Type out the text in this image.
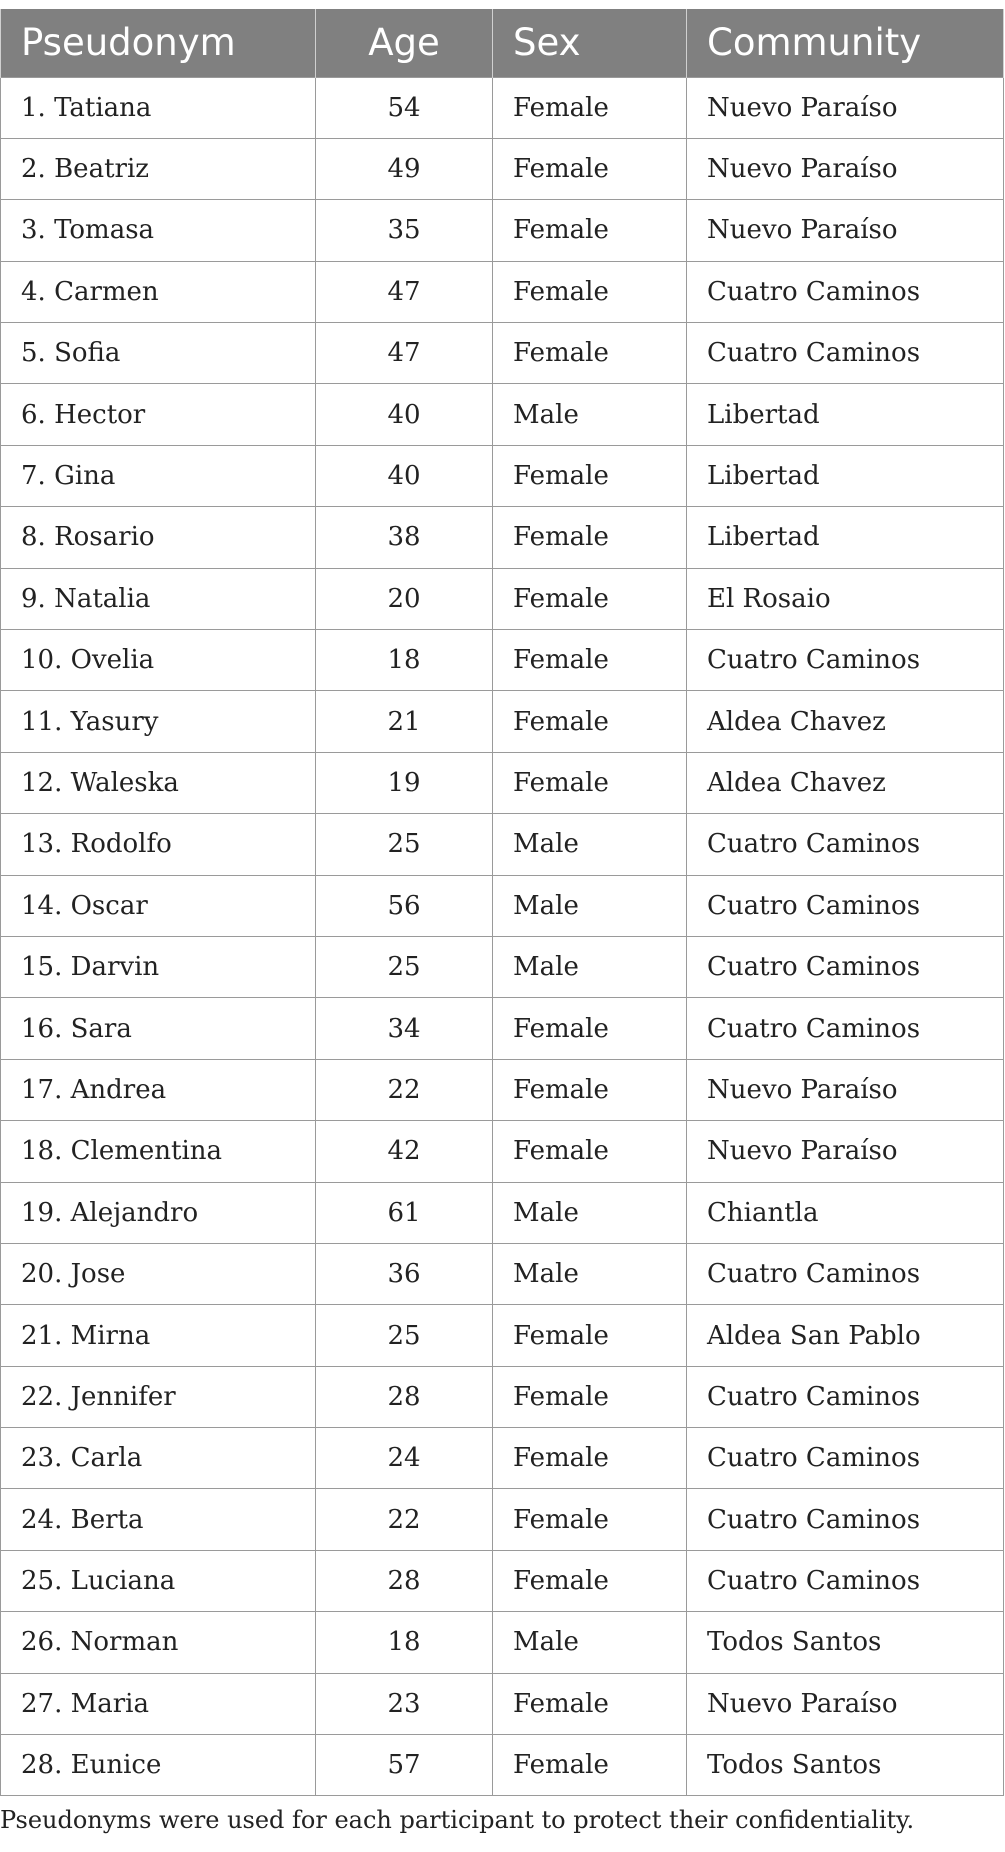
Pseudonym	Age	Sex	Community
1. Tatiana	54	Female	Nuevo Paraíso
2. Beatriz	49	Female	Nuevo Paraíso
3. Tomasa	35	Female	Nuevo Paraíso
4. Carmen	47	Female	Cuatro Caminos
5. Sofia	47	Female	Cuatro Caminos
6. Hector	40	Male	Libertad
7. Gina	40	Female	Libertad
8. Rosario	38	Female	Libertad
9. Natalia	20	Female	El Rosaio
10. Ovelia	18	Female	Cuatro Caminos
11. Yasury	21	Female	Aldea Chavez
12. Waleska	19	Female	Aldea Chavez
13. Rodolfo	25	Male	Cuatro Caminos
14. Oscar	56	Male	Cuatro Caminos
15. Darvin	25	Male	Cuatro Caminos
16. Sara	34	Female	Cuatro Caminos
17. Andrea	22	Female	Nuevo Paraíso
18. Clementina	42	Female	Nuevo Paraíso
19. Alejandro	61	Male	Chiantla
20. Jose	36	Male	Cuatro Caminos
21. Mirna	25	Female	Aldea San Pablo
22. Jennifer	28	Female	Cuatro Caminos
23. Carla	24	Female	Cuatro Caminos
24. Berta	22	Female	Cuatro Caminos
25. Luciana	28	Female	Cuatro Caminos
26. Norman	18	Male	Todos Santos
27. Maria	23	Female	Nuevo Paraíso
28. Eunice	57	Female	Todos Santos
Pseudonyms were used for each participant to protect their confidentiality.
